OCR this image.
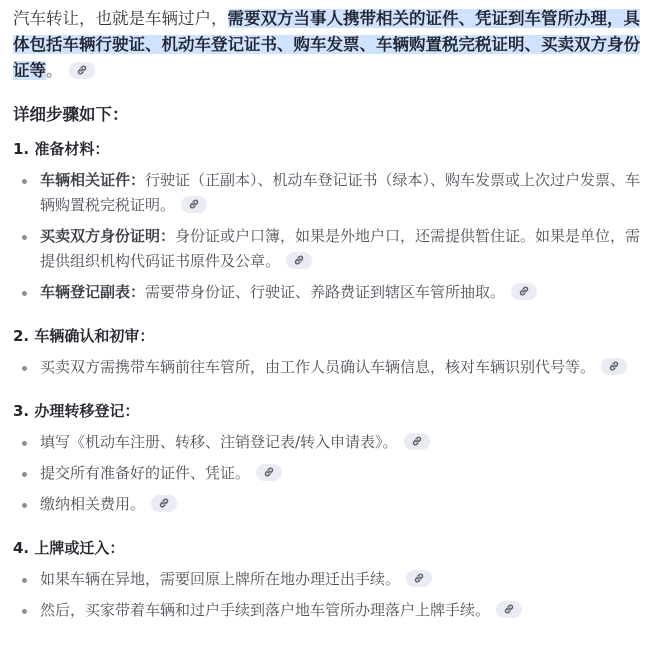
汽车转让，也就是车辆过户，需要双方当事人携带相关的证件、凭证到车管所办理，具体包括车辆行驶证、机动车登记证书、购车发票、车辆购置税完税证明、买卖双方身份证等。

详细步骤如下：
1. 准备材料：
车辆相关证件：行驶证（正副本）、机动车登记证书（绿本）、购车发票或上次过户发票、车辆购置税完税证明。
买卖双方身份证明：身份证或户口簿，如果是外地户口，还需提供暂住证。如果是单位，需提供组织机构代码证书原件及公章。
车辆登记副表：需要带身份证、行驶证、养路费证到辖区车管所抽取。
2. 车辆确认和初审：
买卖双方需携带车辆前往车管所，由工作人员确认车辆信息，核对车辆识别代号等。
3. 办理转移登记：
填写《机动车注册、转移、注销登记表/转入申请表》。
提交所有准备好的证件、凭证。
缴纳相关费用。
4. 上牌或迁入：
如果车辆在异地，需要回原上牌所在地办理迁出手续。
然后，买家带着车辆和过户手续到落户地车管所办理落户上牌手续。
